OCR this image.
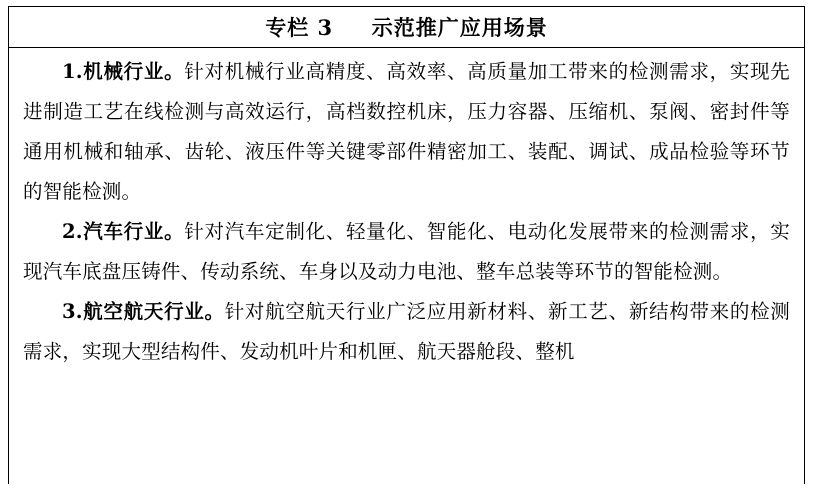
专栏 3 示范推广应用场景

1.机械行业。针对机械行业高精度、高效率、高质量加工带来的检测需求，实现先进制造工艺在线检测与高效运行，高档数控机床，压力容器、压缩机、泵阀、密封件等通用机械和轴承、齿轮、液压件等关键零部件精密加工、装配、调试、成品检验等环节的智能检测。

2.汽车行业。针对汽车定制化、轻量化、智能化、电动化发展带来的检测需求，实现汽车底盘压铸件、传动系统、车身以及动力电池、整车总装等环节的智能检测。

3.航空航天行业。针对航空航天行业广泛应用新材料、新工艺、新结构带来的检测需求，实现大型结构件、发动机叶片和机匣、航天器舱段、整机
